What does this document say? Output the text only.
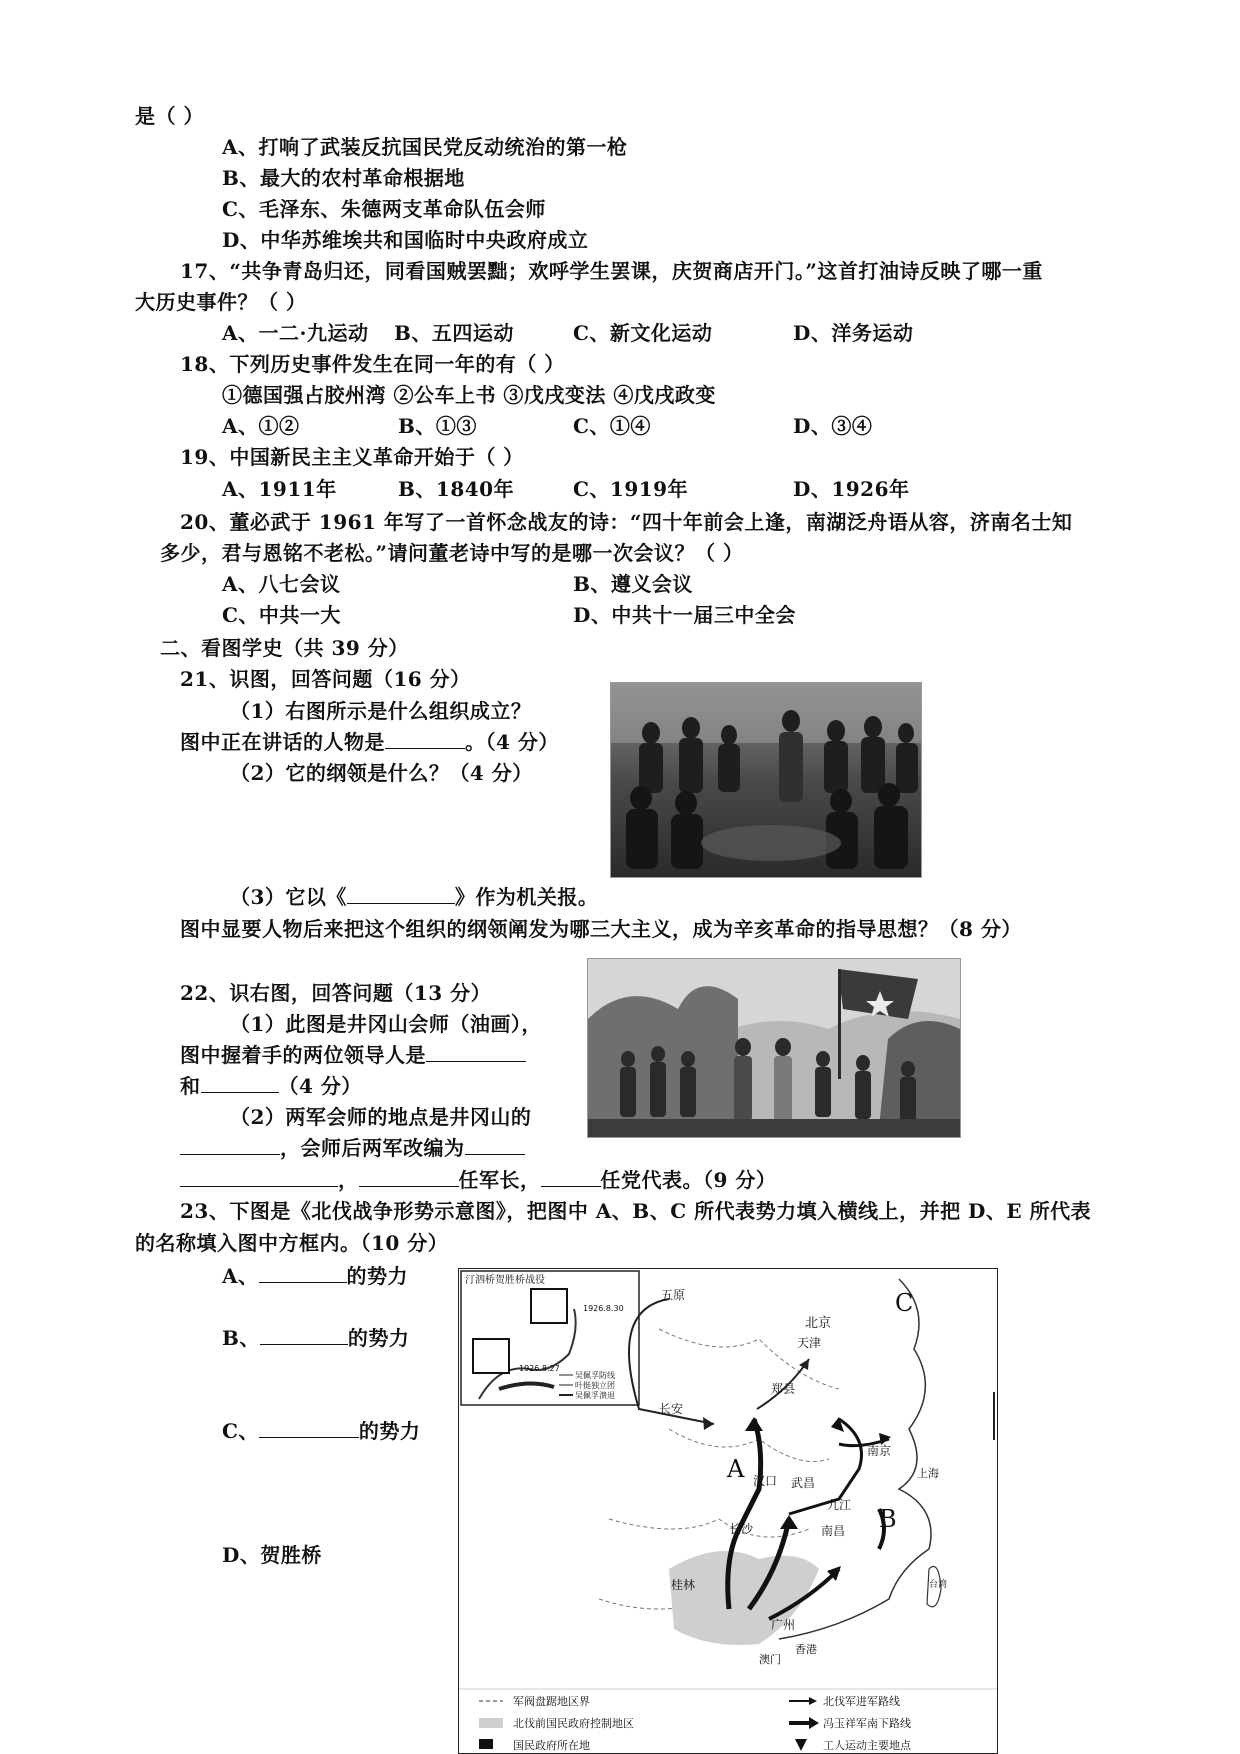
是（ ）
A、打响了武装反抗国民党反动统治的第一枪
B、最大的农村革命根据地
C、毛泽东、朱德两支革命队伍会师
D、中华苏维埃共和国临时中央政府成立
17、“共争青岛归还，同看国贼罢黜；欢呼学生罢课，庆贺商店开门。”这首打油诗反映了哪一重
大历史事件？（ ）
A、一二·九运动 B、五四运动	C、新文化运动	D、洋务运动
18、下列历史事件发生在同一年的有（ ）
①德国强占胶州湾 ②公车上书 ③戊戌变法 ④戊戌政变
A、①②	B、①③	C、①④	D、③④
19、中国新民主主义革命开始于（ ）
A、1911年	B、1840年	C、1919年	D、1926年
20、董必武于 1961 年写了一首怀念战友的诗：“四十年前会上逢，南湖泛舟语从容，济南名士知
多少，君与恩铭不老松。”请问董老诗中写的是哪一次会议？（ ）
A、八七会议	B、遵义会议
C、中共一大	D、中共十一届三中全会
二、看图学史（共 39 分）
21、识图，回答问题（16 分）
（1）右图所示是什么组织成立？
图中正在讲话的人物是	。（4 分）
（2）它的纲领是什么？（4 分）
（3）它以《	》作为机关报。
图中显要人物后来把这个组织的纲领阐发为哪三大主义，成为辛亥革命的指导思想？（8 分）
22、识右图，回答问题（13 分）
（1）此图是井冈山会师（油画），
图中握着手的两位领导人是
和	（4 分）
（2）两军会师的地点是井冈山的
，会师后两军改编为
，	任军长，	任党代表。（9 分）
23、下图是《北伐战争形势示意图》，把图中 A、B、C 所代表势力填入横线上，并把 D、E 所代表
的名称填入图中方框内。（10 分）
A、	的势力
B、	的势力
C、	的势力
D、贺胜桥
汀泗桥贺胜桥战役
1926.8.30
1926.8.27
吴佩孚防线
叶挺独立团
吴佩孚溃退
台湾
五原
北京
天津
郑县
长安
南京
上海
汉口 武昌
九江
南昌
长沙
桂林
广州
香港
澳门
A
B
C
军阀盘踞地区界	北伐军进军路线
北伐前国民政府控制地区	冯玉祥军南下路线
国民政府所在地	工人运动主要地点
